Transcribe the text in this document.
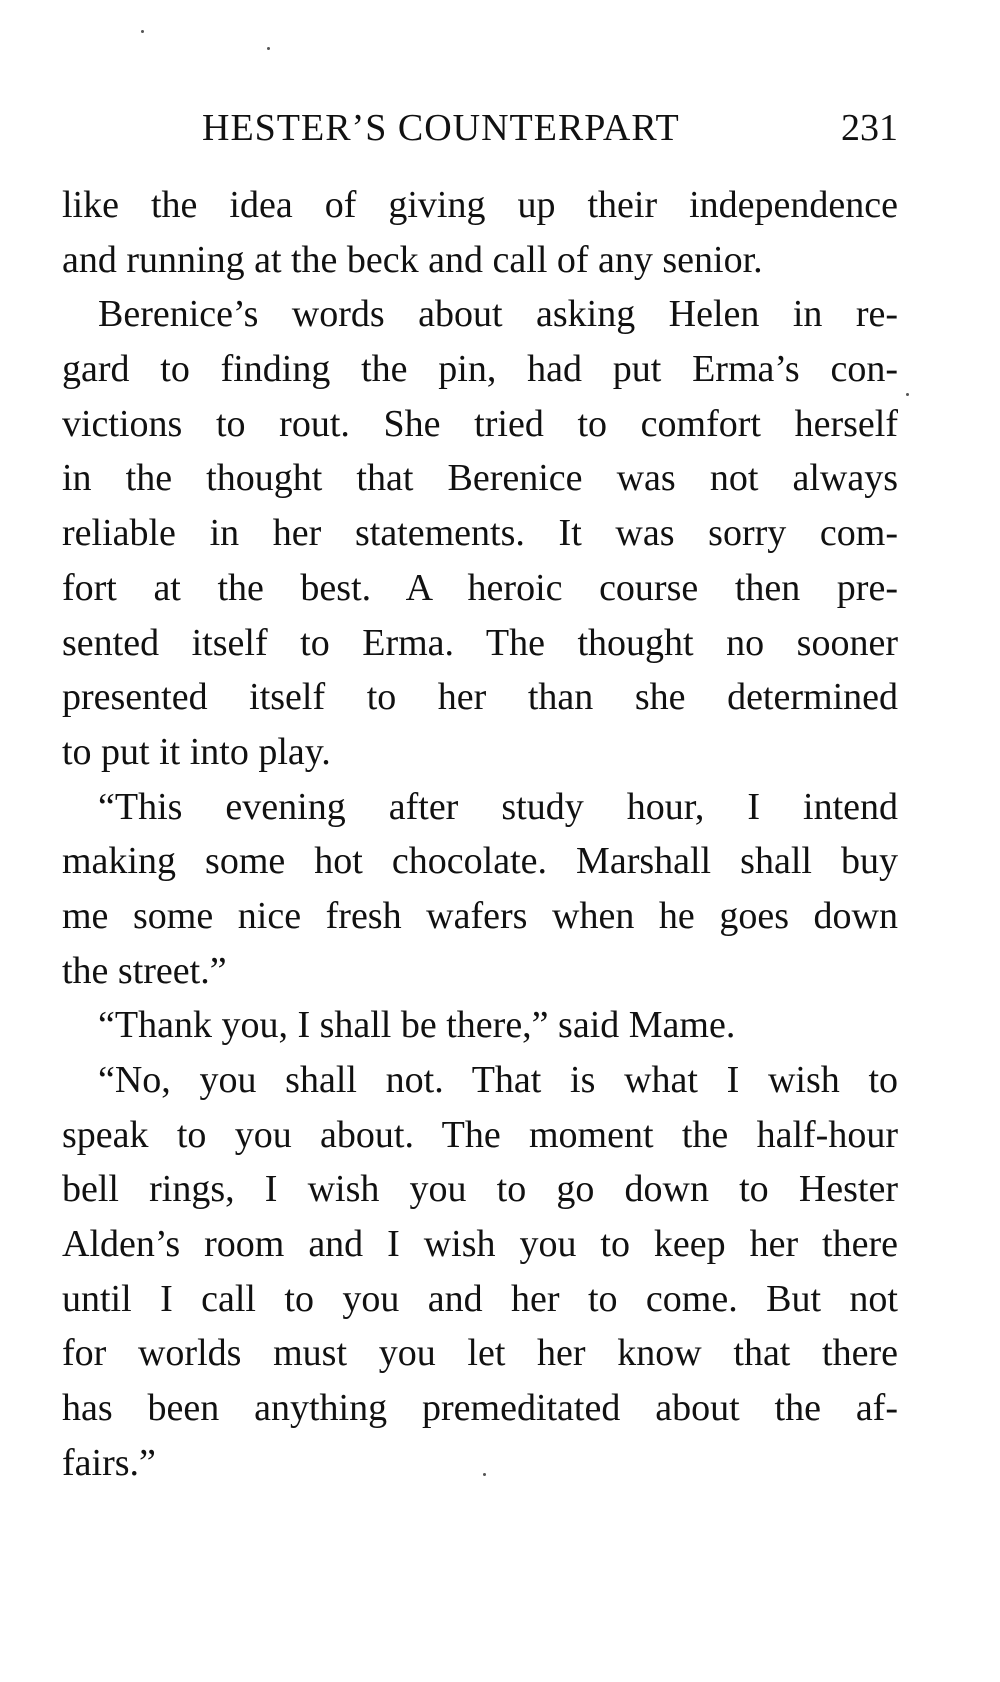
HESTER’S COUNTERPART	231
like the idea of giving up their independence
and running at the beck and call of any senior.
Berenice’s words about asking Helen in re-
gard to finding the pin, had put Erma’s con-
victions to rout. She tried to comfort herself
in the thought that Berenice was not always
reliable in her statements. It was sorry com-
fort at the best. A heroic course then pre-
sented itself to Erma. The thought no sooner
presented itself to her than she determined
to put it into play.
“This evening after study hour, I intend
making some hot chocolate. Marshall shall buy
me some nice fresh wafers when he goes down
the street.”
“Thank you, I shall be there,” said Mame.
“No, you shall not. That is what I wish to
speak to you about. The moment the half-hour
bell rings, I wish you to go down to Hester
Alden’s room and I wish you to keep her there
until I call to you and her to come. But not
for worlds must you let her know that there
has been anything premeditated about the af-
fairs.”
